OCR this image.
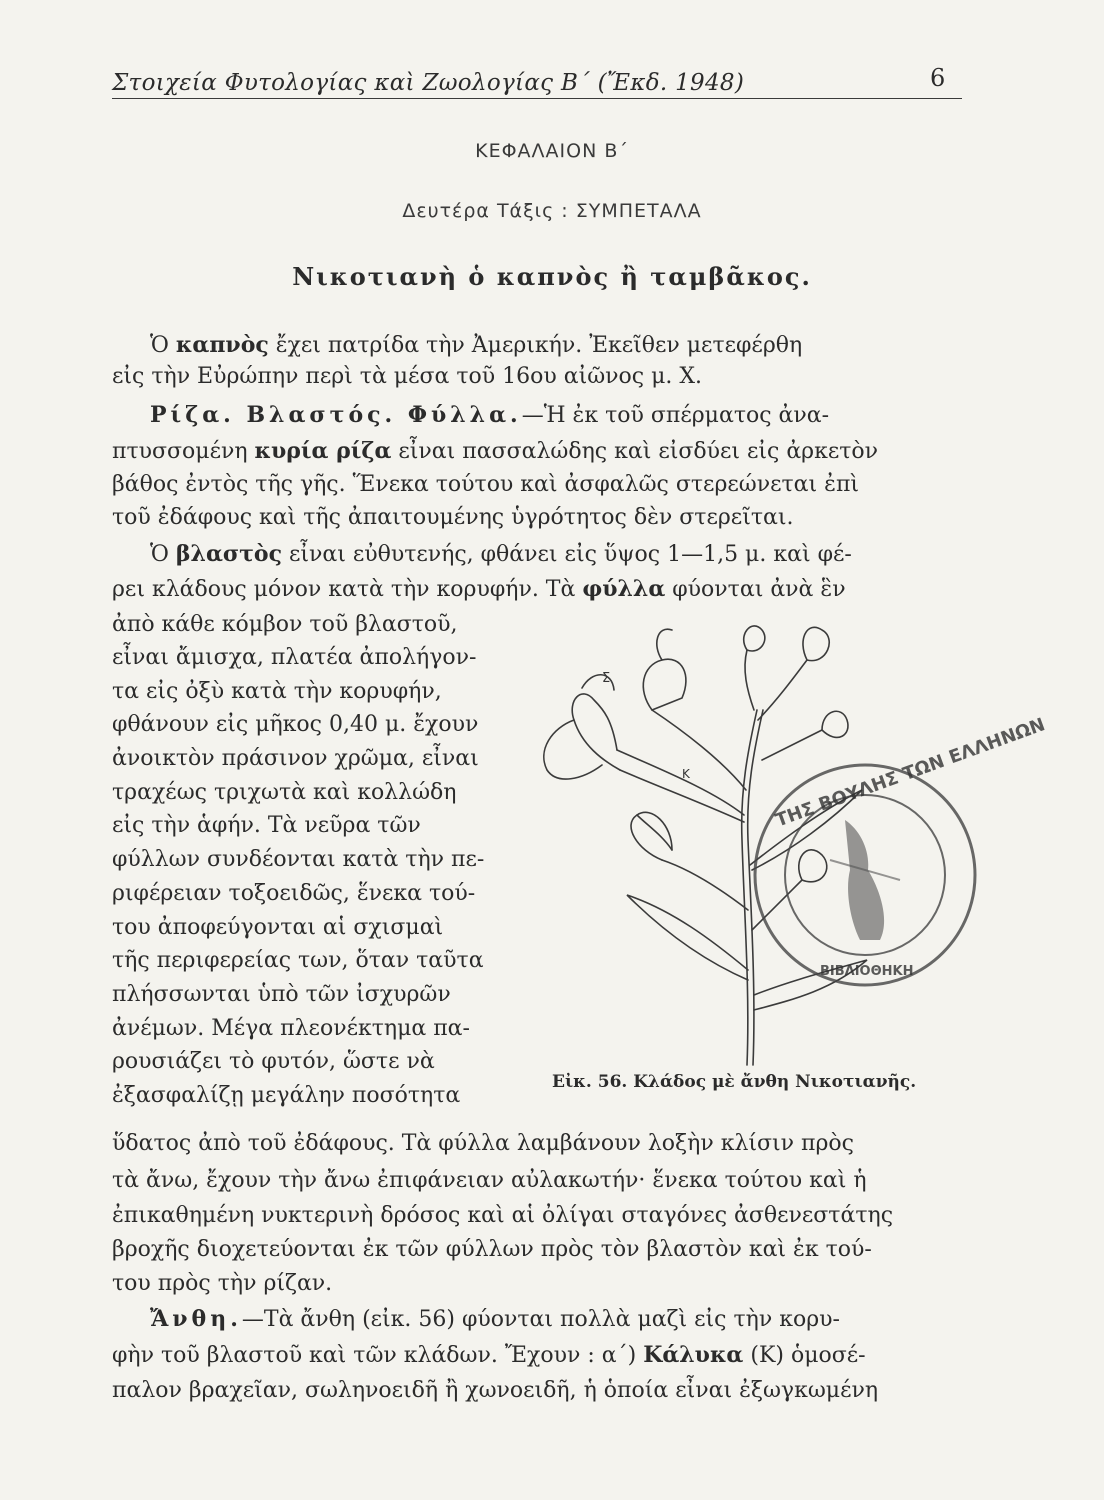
Στοιχεία Φυτολογίας καὶ Ζωολογίας Β΄ (Ἔκδ. 1948)	6
ΚΕΦΑΛΑΙΟΝ Β΄
Δευτέρα Τάξις : ΣΥΜΠΕΤΑΛΑ
Νικοτιανὴ ὁ καπνὸς ἢ ταμβᾶκος.
Ὁ καπνὸς ἔχει πατρίδα τὴν Ἀμερικήν. Ἐκεῖθεν μετεφέρθη
εἰς τὴν Εὐρώπην περὶ τὰ μέσα τοῦ 16ου αἰῶνος μ. Χ.
Ρίζα. Βλαστός. Φύλλα.—Ἡ ἐκ τοῦ σπέρματος ἀνα-
πτυσσομένη κυρία ρίζα εἶναι πασσαλώδης καὶ εἰσδύει εἰς ἀρκετὸν
βάθος ἐντὸς τῆς γῆς. Ἕνεκα τούτου καὶ ἀσφαλῶς στερεώνεται ἐπὶ
τοῦ ἐδάφους καὶ τῆς ἀπαιτουμένης ὑγρότητος δὲν στερεῖται.
Ὁ βλαστὸς εἶναι εὐθυτενής, φθάνει εἰς ὕψος 1—1,5 μ. καὶ φέ-
ρει κλάδους μόνον κατὰ τὴν κορυφήν. Τὰ φύλλα φύονται ἀνὰ ἓν
ἀπὸ κάθε κόμβον τοῦ βλαστοῦ,
εἶναι ἄμισχα, πλατέα ἀπολήγον-
τα εἰς ὀξὺ κατὰ τὴν κορυφήν,
φθάνουν εἰς μῆκος 0,40 μ. ἔχουν
ἀνοικτὸν πράσινον χρῶμα, εἶναι
τραχέως τριχωτὰ καὶ κολλώδη
εἰς τὴν ἁφήν. Τὰ νεῦρα τῶν
φύλλων συνδέονται κατὰ τὴν πε-
ριφέρειαν τοξοειδῶς, ἕνεκα τού-
του ἀποφεύγονται αἱ σχισμαὶ
τῆς περιφερείας των, ὅταν ταῦτα
πλήσσωνται ὑπὸ τῶν ἰσχυρῶν
ἀνέμων. Μέγα πλεονέκτημα πα-
ρουσιάζει τὸ φυτόν, ὥστε νὰ
ἐξασφαλίζῃ μεγάλην ποσότητα
Σ
Κ	ΤΗΣ ΒΟΥΛΗΣ ΤΩΝ ΕΛΛΗΝΩΝ
ΒΙΒΛΙΟΘΗΚΗ
Εἰκ. 56. Κλάδος μὲ ἄνθη Νικοτιανῆς.
ὕδατος ἀπὸ τοῦ ἐδάφους. Τὰ φύλλα λαμβάνουν λοξὴν κλίσιν πρὸς
τὰ ἄνω, ἔχουν τὴν ἄνω ἐπιφάνειαν αὐλακωτήν· ἕνεκα τούτου καὶ ἡ
ἐπικαθημένη νυκτερινὴ δρόσος καὶ αἱ ὀλίγαι σταγόνες ἀσθενεστάτης
βροχῆς διοχετεύονται ἐκ τῶν φύλλων πρὸς τὸν βλαστὸν καὶ ἐκ τού-
του πρὸς τὴν ρίζαν.
Ἄνθη.—Τὰ ἄνθη (εἰκ. 56) φύονται πολλὰ μαζὶ εἰς τὴν κορυ-
φὴν τοῦ βλαστοῦ καὶ τῶν κλάδων. Ἔχουν : α΄) Κάλυκα (Κ) ὁμοσέ-
παλον βραχεῖαν, σωληνοειδῆ ἢ χωνοειδῆ, ἡ ὁποία εἶναι ἐξωγκωμένη
